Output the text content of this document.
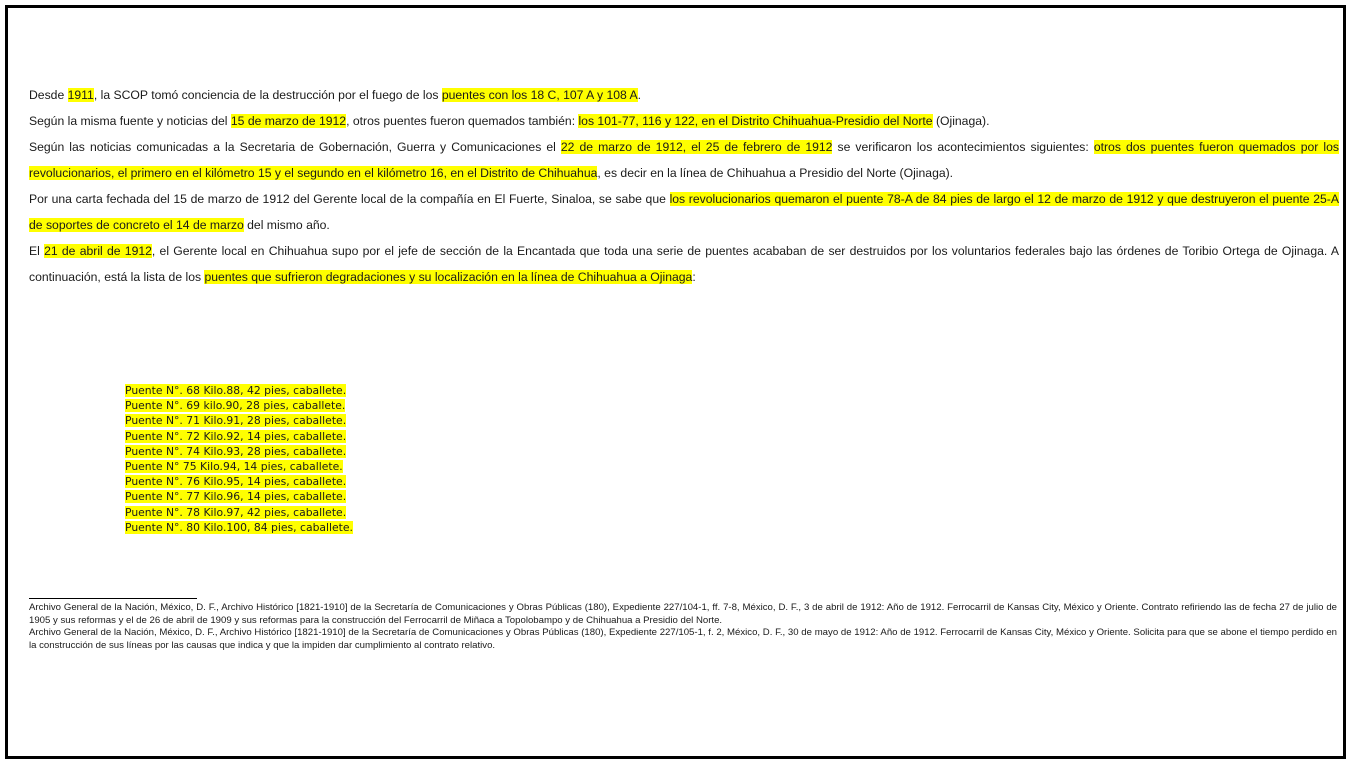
Desde 1911, la SCOP tomó conciencia de la destrucción por el fuego de los puentes con los 18 C, 107 A y 108 A.

Según la misma fuente y noticias del 15 de marzo de 1912, otros puentes fueron quemados también: los 101-77, 116 y 122, en el Distrito Chihuahua-Presidio del Norte (Ojinaga).

Según las noticias comunicadas a la Secretaria de Gobernación, Guerra y Comunicaciones el 22 de marzo de 1912, el 25 de febrero de 1912 se verificaron los acontecimientos siguientes: otros dos puentes fueron quemados por los revolucionarios, el primero en el kilómetro 15 y el segundo en el kilómetro 16, en el Distrito de Chihuahua, es decir en la línea de Chihuahua a Presidio del Norte (Ojinaga).

Por una carta fechada del 15 de marzo de 1912 del Gerente local de la compañía en El Fuerte, Sinaloa, se sabe que los revolucionarios quemaron el puente 78-A de 84 pies de largo el 12 de marzo de 1912 y que destruyeron el puente 25-A de soportes de concreto el 14 de marzo del mismo año.

El 21 de abril de 1912, el Gerente local en Chihuahua supo por el jefe de sección de la Encantada que toda una serie de puentes acababan de ser destruidos por los voluntarios federales bajo las órdenes de Toribio Ortega de Ojinaga. A continuación, está la lista de los puentes que sufrieron degradaciones y su localización en la línea de Chihuahua a Ojinaga:

Puente N°. 68 Kilo.88, 42 pies, caballete.
Puente N°. 69 kilo.90, 28 pies, caballete.
Puente N°. 71 Kilo.91, 28 pies, caballete.
Puente N°. 72 Kilo.92, 14 pies, caballete.
Puente N°. 74 Kilo.93, 28 pies, caballete.
Puente N° 75 Kilo.94, 14 pies, caballete.
Puente N°. 76 Kilo.95, 14 pies, caballete.
Puente N°. 77 Kilo.96, 14 pies, caballete.
Puente N°. 78 Kilo.97, 42 pies, caballete.
Puente N°. 80 Kilo.100, 84 pies, caballete.

Archivo General de la Nación, México, D. F., Archivo Histórico [1821-1910] de la Secretaría de Comunicaciones y Obras Públicas (180), Expediente 227/104-1, ff. 7-8, México, D. F., 3 de abril de 1912: Año de 1912. Ferrocarril de Kansas City, México y Oriente. Contrato refiriendo las de fecha 27 de julio de 1905 y sus reformas y el de 26 de abril de 1909 y sus reformas para la construcción del Ferrocarril de Miñaca a Topolobampo y de Chihuahua a Presidio del Norte.

Archivo General de la Nación, México, D. F., Archivo Histórico [1821-1910] de la Secretaría de Comunicaciones y Obras Públicas (180), Expediente 227/105-1, f. 2, México, D. F., 30 de mayo de 1912: Año de 1912. Ferrocarril de Kansas City, México y Oriente. Solicita para que se abone el tiempo perdido en la construcción de sus líneas por las causas que indica y que la impiden dar cumplimiento al contrato relativo.
